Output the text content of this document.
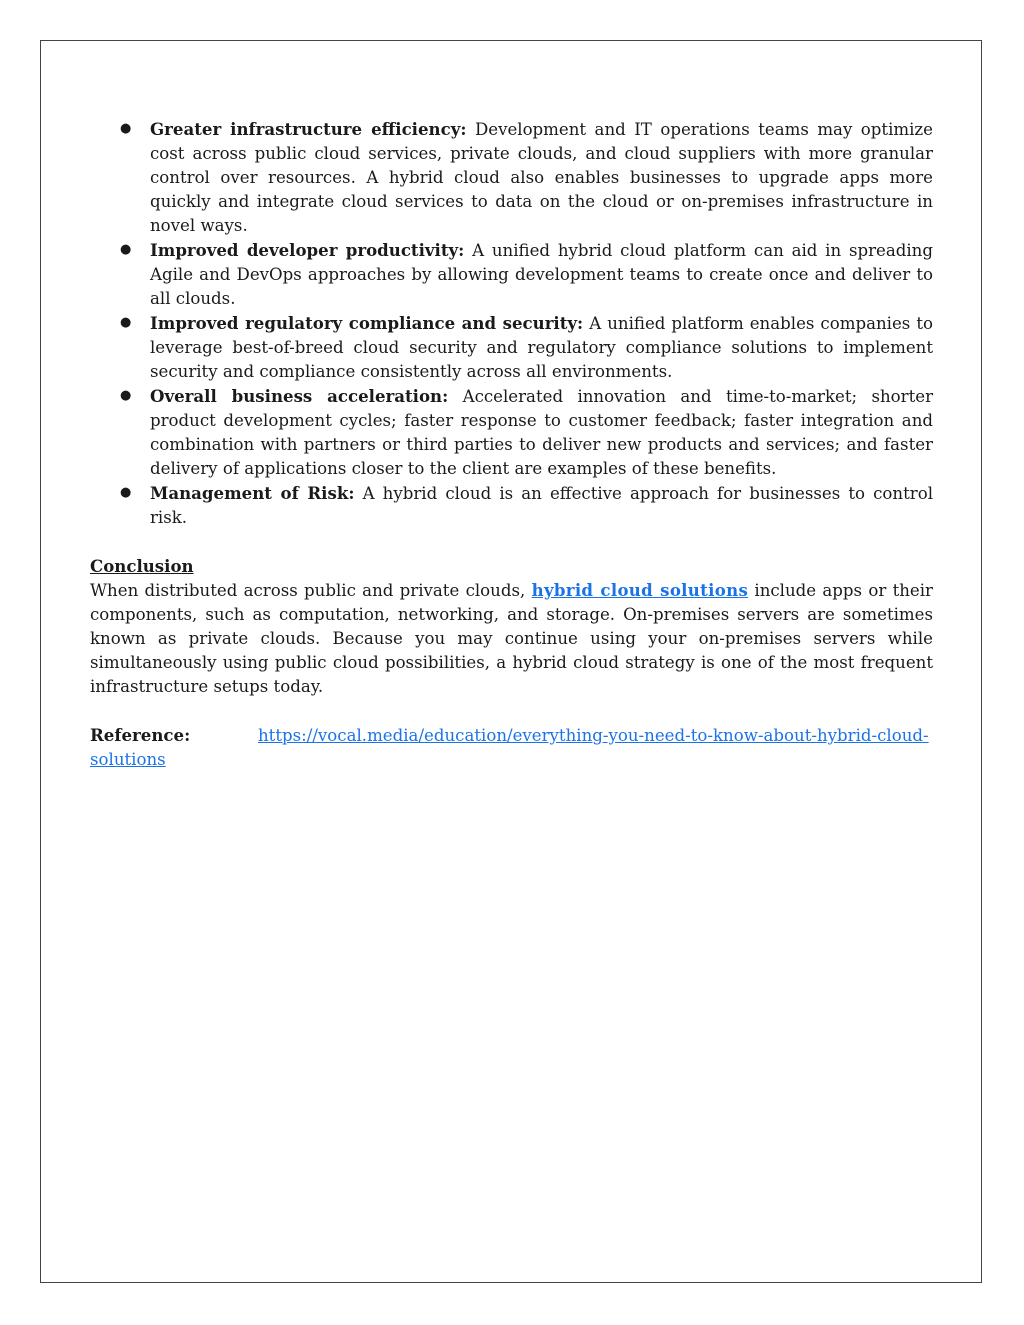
● Greater infrastructure efficiency: Development and IT operations teams may optimize cost across public cloud services, private clouds, and cloud suppliers with more granular control over resources. A hybrid cloud also enables businesses to upgrade apps more quickly and integrate cloud services to data on the cloud or on-premises infrastructure in novel ways.
● Improved developer productivity: A unified hybrid cloud platform can aid in spreading Agile and DevOps approaches by allowing development teams to create once and deliver to all clouds.
● Improved regulatory compliance and security: A unified platform enables companies to leverage best-of-breed cloud security and regulatory compliance solutions to implement security and compliance consistently across all environments.
● Overall business acceleration: Accelerated innovation and time-to-market; shorter product development cycles; faster response to customer feedback; faster integration and combination with partners or third parties to deliver new products and services; and faster delivery of applications closer to the client are examples of these benefits.
● Management of Risk: A hybrid cloud is an effective approach for businesses to control risk.
Conclusion

When distributed across public and private clouds, hybrid cloud solutions include apps or their components, such as computation, networking, and storage. On-premises servers are sometimes known as private clouds. Because you may continue using your on-premises servers while simultaneously using public cloud possibilities, a hybrid cloud strategy is one of the most frequent infrastructure setups today.

Reference:	https://vocal.media/education/everything-you-need-to-know-about-hybrid-cloud-solutions
